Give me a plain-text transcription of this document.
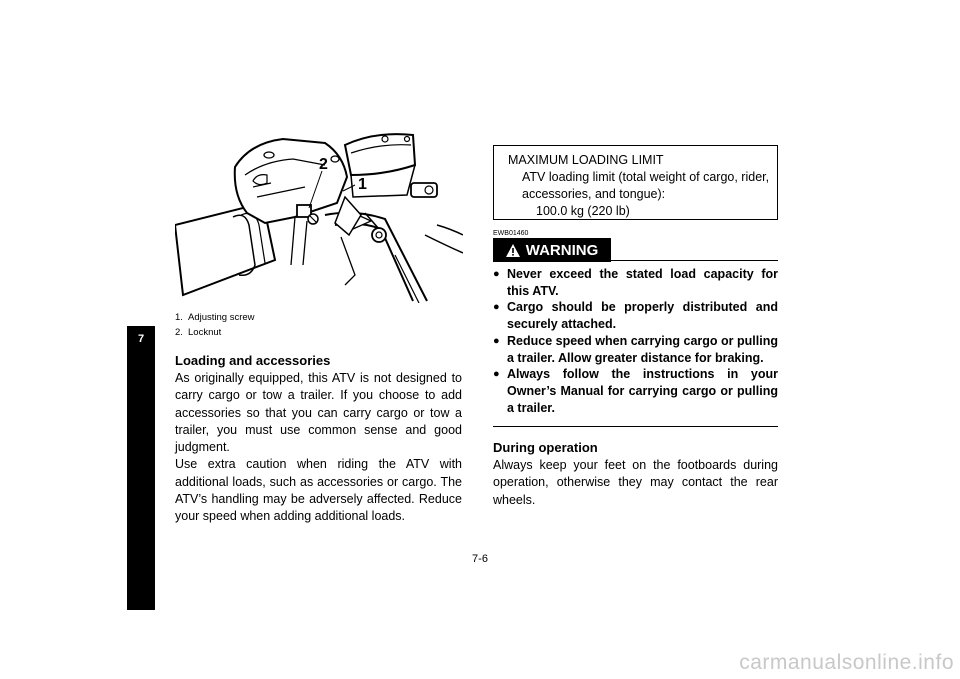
7
2
1
1. Adjusting screw
2. Locknut
Loading and accessories

As originally equipped, this ATV is not designed to carry cargo or tow a trailer. If you choose to add accessories so that you can carry cargo or tow a trailer, you must use common sense and good judgment.

Use extra caution when riding the ATV with additional loads, such as accessories or cargo. The ATV’s handling may be adversely affected. Reduce your speed when adding additional loads.

MAXIMUM LOADING LIMIT
ATV loading limit (total weight of cargo, rider, accessories, and tongue):
100.0 kg (220 lb)
EWB01460
WARNING
● Never exceed the stated load capacity for this ATV.
● Cargo should be properly distributed and securely attached.
● Reduce speed when carrying cargo or pulling a trailer. Allow greater distance for braking.
● Always follow the instructions in your Owner’s Manual for carrying cargo or pulling a trailer.
During operation

Always keep your feet on the footboards during operation, otherwise they may contact the rear wheels.

7-6
carmanualsonline.info
